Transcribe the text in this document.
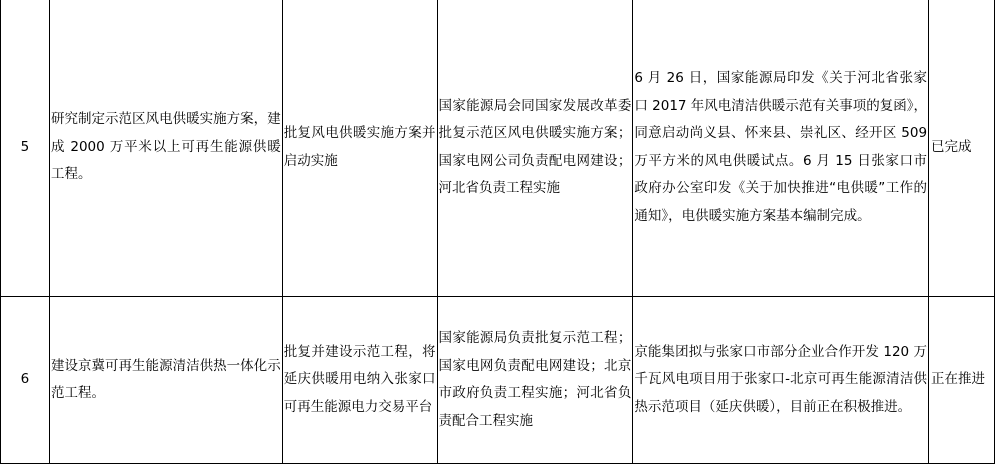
5	研究制定示范区风电供暖实施方案，建成 2000 万平米以上可再生能源供暖工程。	批复风电供暖实施方案并启动实施	国家能源局会同国家发展改革委批复示范区风电供暖实施方案；国家电网公司负责配电网建设；河北省负责工程实施	6 月 26 日，国家能源局印发《关于河北省张家口 2017 年风电清洁供暖示范有关事项的复函》，同意启动尚义县、怀来县、崇礼区、经开区 509 万平方米的风电供暖试点。6 月 15 日张家口市政府办公室印发《关于加快推进“电供暖”工作的通知》，电供暖实施方案基本编制完成。	已完成
6	建设京冀可再生能源清洁供热一体化示范工程。	批复并建设示范工程，将延庆供暖用电纳入张家口可再生能源电力交易平台	国家能源局负责批复示范工程；国家电网负责配电网建设；北京市政府负责工程实施；河北省负责配合工程实施	京能集团拟与张家口市部分企业合作开发 120 万千瓦风电项目用于张家口-北京可再生能源清洁供热示范项目（延庆供暖），目前正在积极推进。	正在推进
